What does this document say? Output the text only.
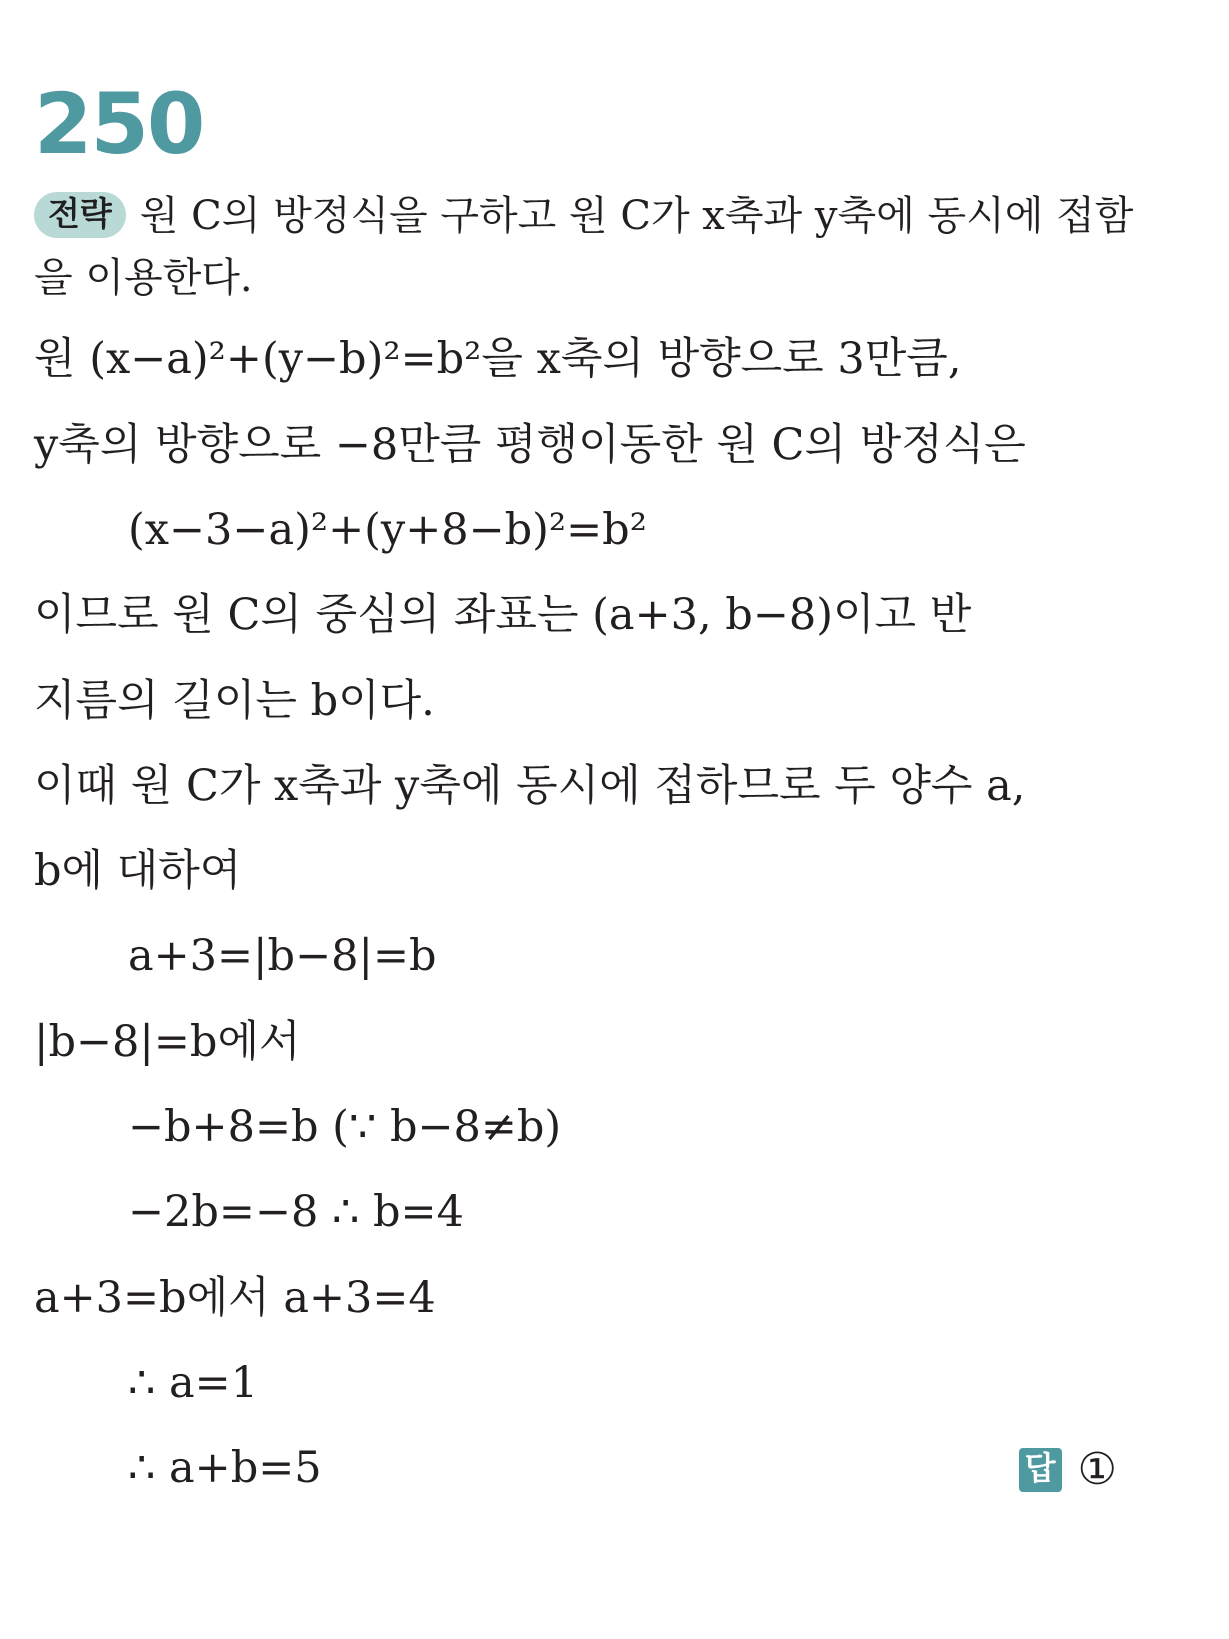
250
전략 원 C의 방정식을 구하고 원 C가 x축과 y축에 동시에 접함
을 이용한다.
원 (x−a)²+(y−b)²=b²을 x축의 방향으로 3만큼,
y축의 방향으로 −8만큼 평행이동한 원 C의 방정식은
(x−3−a)²+(y+8−b)²=b²
이므로 원 C의 중심의 좌표는 (a+3, b−8)이고 반
지름의 길이는 b이다.
이때 원 C가 x축과 y축에 동시에 접하므로 두 양수 a,
b에 대하여
a+3=|b−8|=b
|b−8|=b에서
−b+8=b (∵ b−8≠b)
−2b=−8 ∴ b=4
a+3=b에서 a+3=4
∴ a=1
∴ a+b=5	답 ①
